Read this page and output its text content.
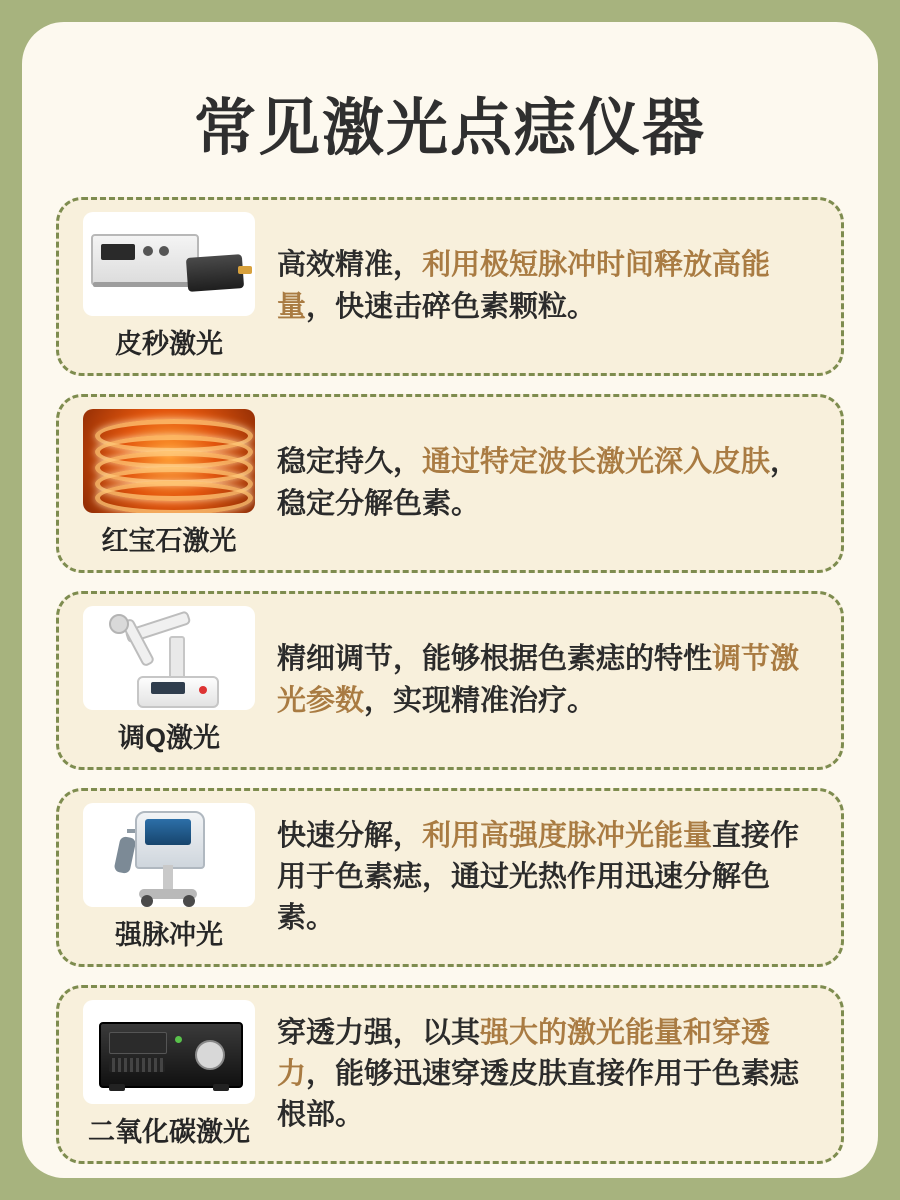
常见激光点痣仪器
皮秒激光
高效精准，利用极短脉冲时间释放高能量，快速击碎色素颗粒。
红宝石激光
稳定持久，通过特定波长激光深入皮肤，稳定分解色素。
调Q激光
精细调节，能够根据色素痣的特性调节激光参数，实现精准治疗。
强脉冲光
快速分解，利用高强度脉冲光能量直接作用于色素痣，通过光热作用迅速分解色素。
二氧化碳激光
穿透力强，以其强大的激光能量和穿透力，能够迅速穿透皮肤直接作用于色素痣根部。
